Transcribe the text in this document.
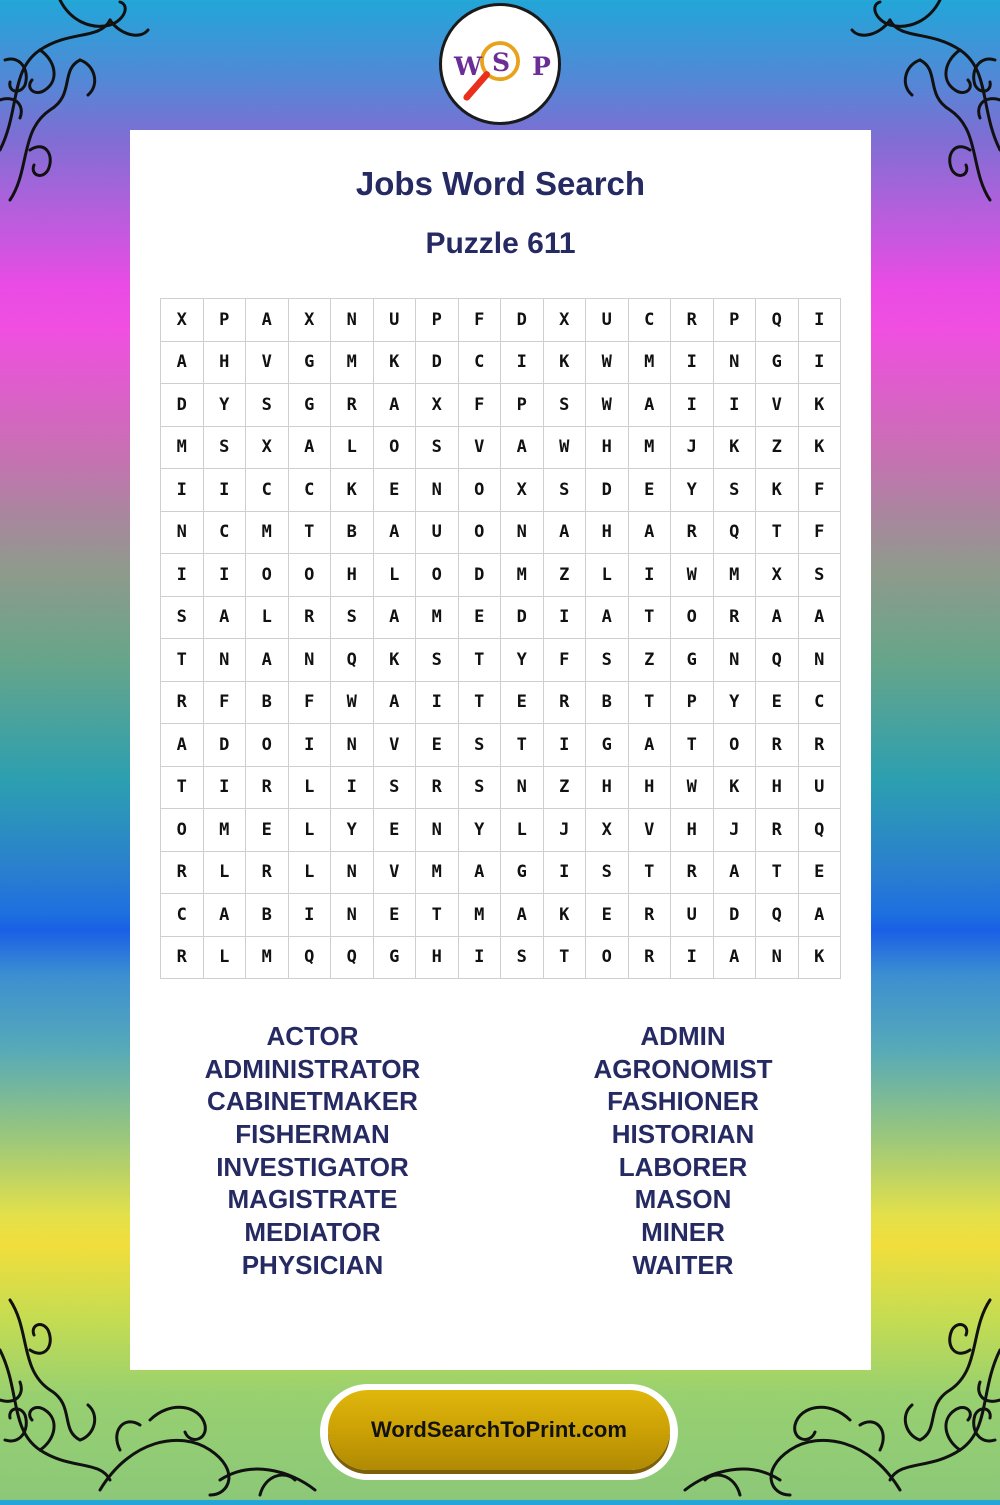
W S P
Jobs Word Search
Puzzle 611
X	P	A	X	N	U	P	F	D	X	U	C	R	P	Q	I
A	H	V	G	M	K	D	C	I	K	W	M	I	N	G	I
D	Y	S	G	R	A	X	F	P	S	W	A	I	I	V	K
M	S	X	A	L	O	S	V	A	W	H	M	J	K	Z	K
I	I	C	C	K	E	N	O	X	S	D	E	Y	S	K	F
N	C	M	T	B	A	U	O	N	A	H	A	R	Q	T	F
I	I	O	O	H	L	O	D	M	Z	L	I	W	M	X	S
S	A	L	R	S	A	M	E	D	I	A	T	O	R	A	A
T	N	A	N	Q	K	S	T	Y	F	S	Z	G	N	Q	N
R	F	B	F	W	A	I	T	E	R	B	T	P	Y	E	C
A	D	O	I	N	V	E	S	T	I	G	A	T	O	R	R
T	I	R	L	I	S	R	S	N	Z	H	H	W	K	H	U
O	M	E	L	Y	E	N	Y	L	J	X	V	H	J	R	Q
R	L	R	L	N	V	M	A	G	I	S	T	R	A	T	E
C	A	B	I	N	E	T	M	A	K	E	R	U	D	Q	A
R	L	M	Q	Q	G	H	I	S	T	O	R	I	A	N	K
ACTOR
ADMINISTRATOR
CABINETMAKER
FISHERMAN
INVESTIGATOR
MAGISTRATE
MEDIATOR
PHYSICIAN
ADMIN
AGRONOMIST
FASHIONER
HISTORIAN
LABORER
MASON
MINER
WAITER
WordSearchToPrint.com
